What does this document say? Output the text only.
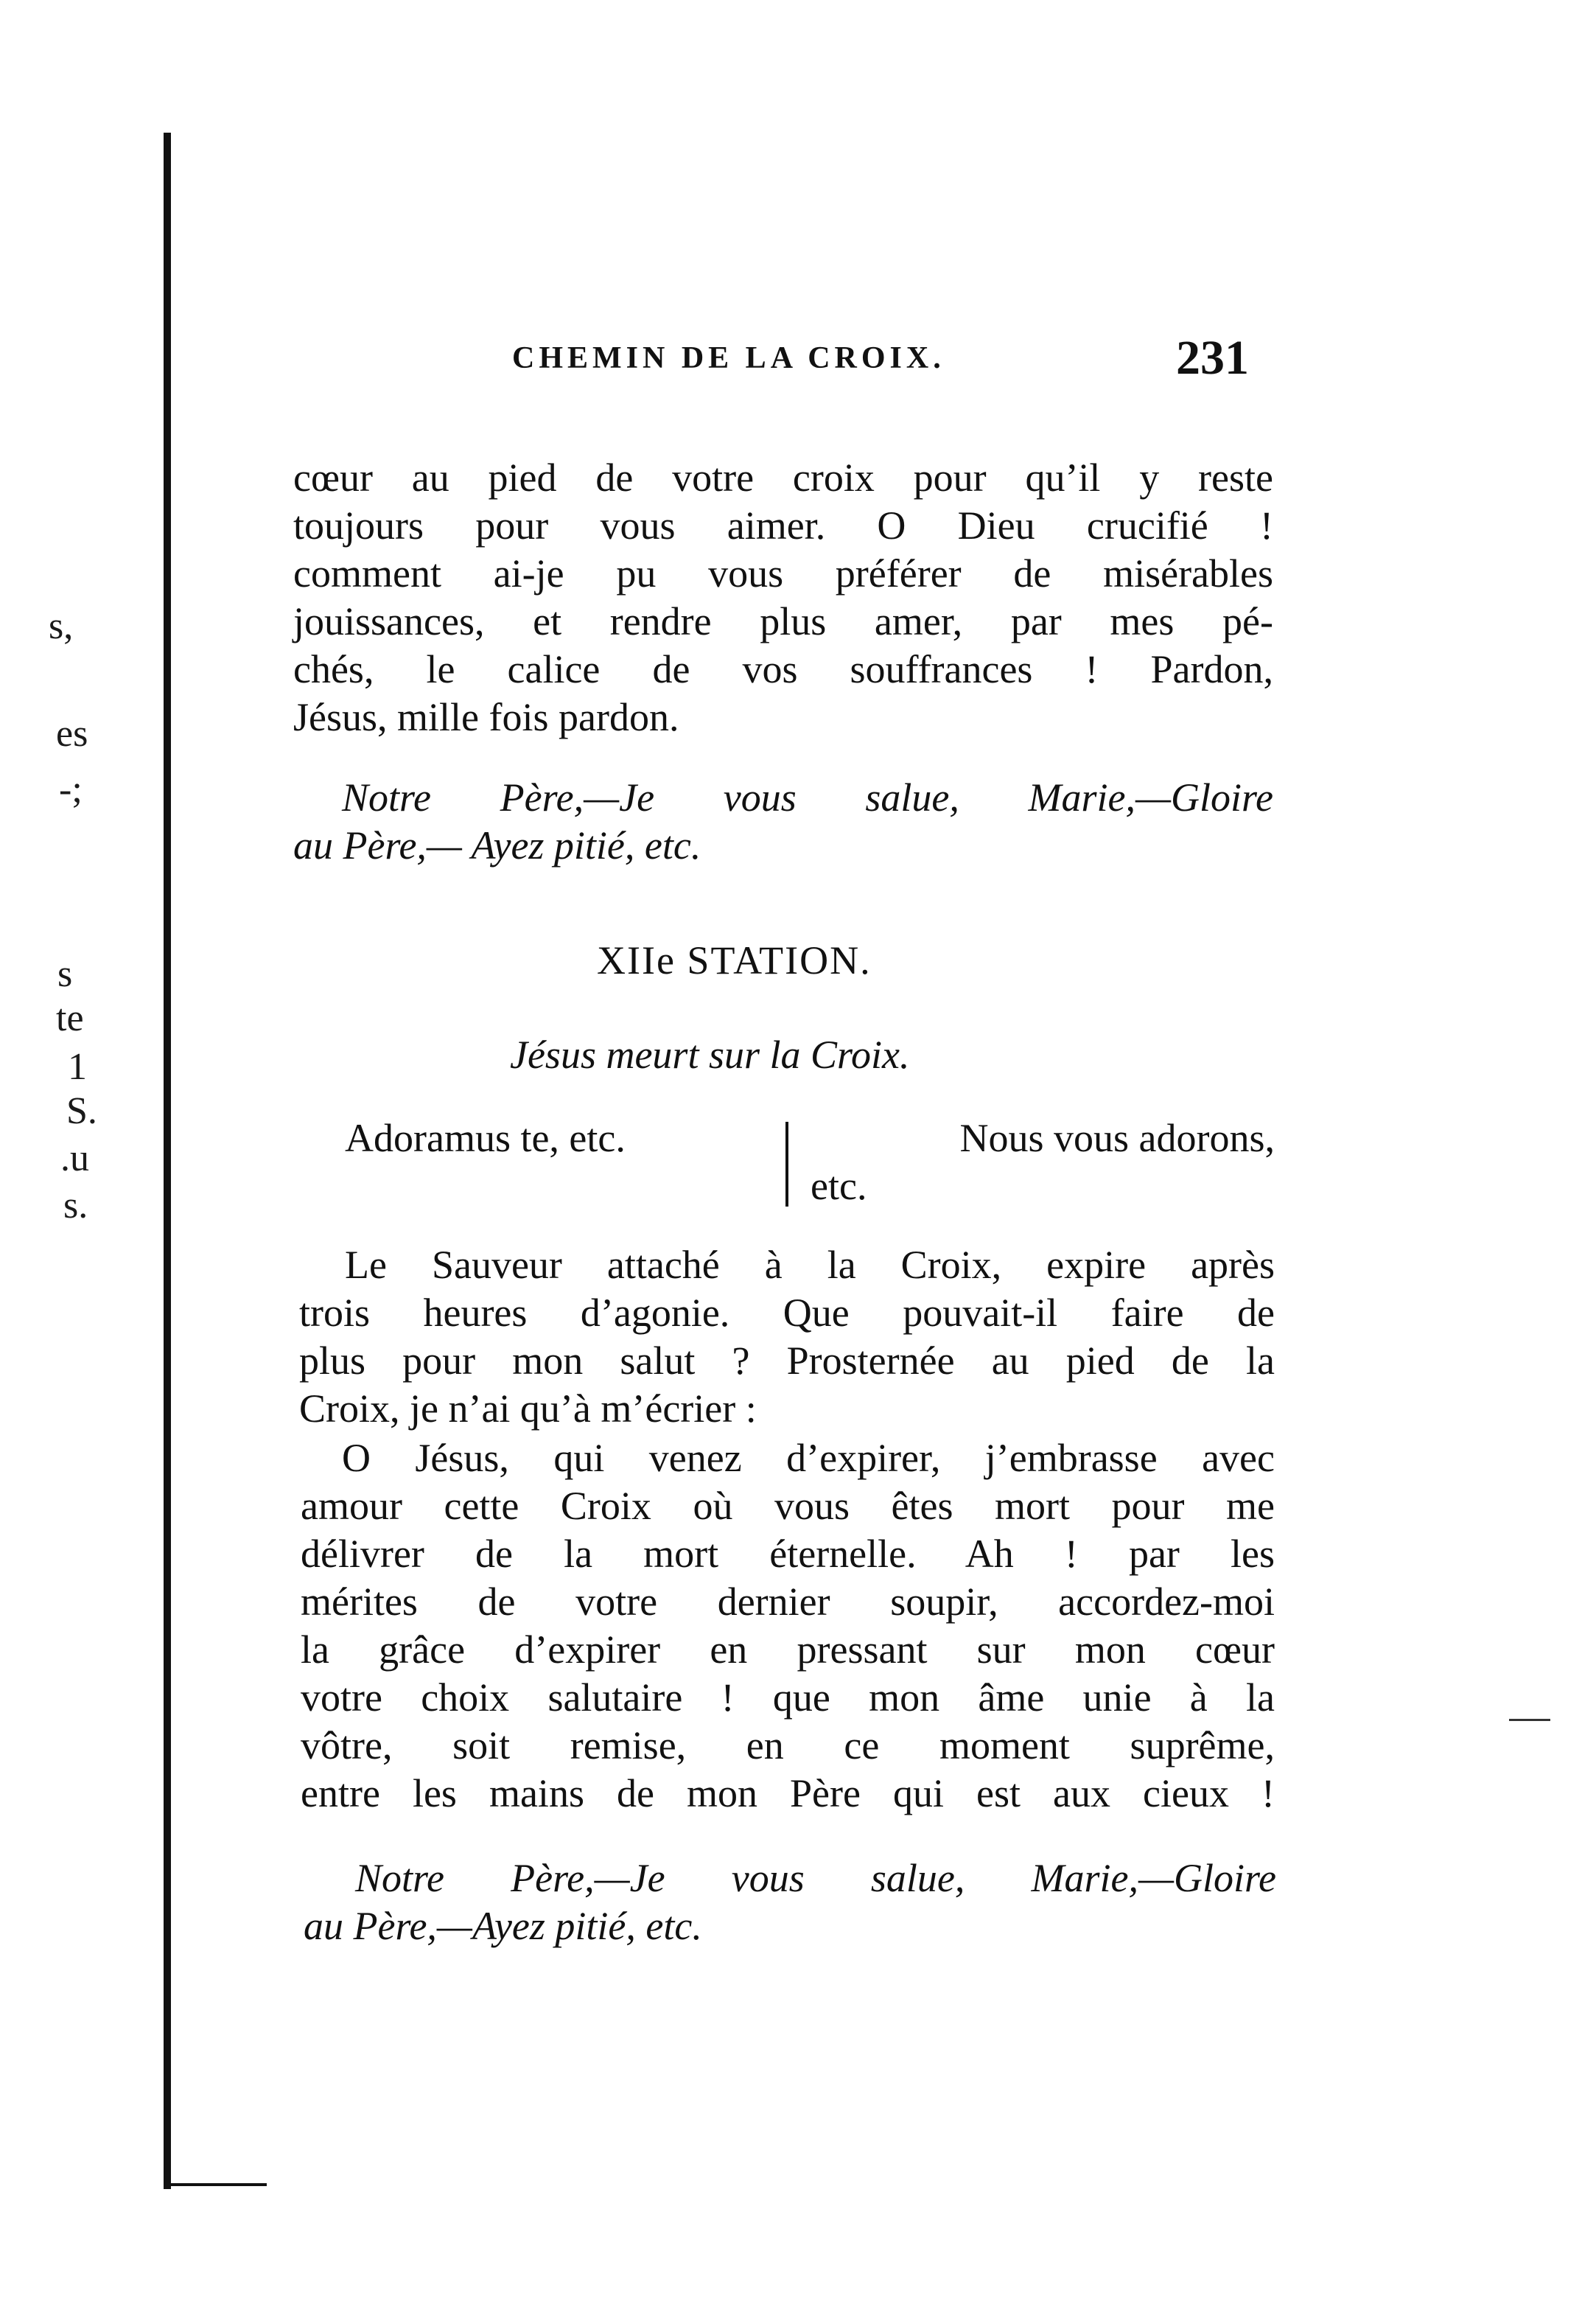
s,
es
-;
s
te
1
S.
.u
s.
CHEMIN DE LA CROIX.	231
cœur au pied de votre croix pour qu’il y reste
toujours pour vous aimer. O Dieu crucifié !
comment ai-je pu vous préférer de misérables
jouissances, et rendre plus amer, par mes pé-
chés, le calice de vos souffrances ! Pardon,
Jésus, mille fois pardon.
Notre Père,—Je vous salue, Marie,—Gloire
au Père,— Ayez pitié, etc.
XIIe STATION.
Jésus meurt sur la Croix.
Adoramus te, etc.	Nous vous adorons,
etc.
Le Sauveur attaché à la Croix, expire après
trois heures d’agonie. Que pouvait-il faire de
plus pour mon salut ? Prosternée au pied de la
Croix, je n’ai qu’à m’écrier :
O Jésus, qui venez d’expirer, j’embrasse avec
amour cette Croix où vous êtes mort pour me
délivrer de la mort éternelle. Ah ! par les
mérites de votre dernier soupir, accordez-moi
la grâce d’expirer en pressant sur mon cœur
votre choix salutaire ! que mon âme unie à la
vôtre, soit remise, en ce moment suprême,
entre les mains de mon Père qui est aux cieux !
Notre Père,—Je vous salue, Marie,—Gloire
au Père,—Ayez pitié, etc.
